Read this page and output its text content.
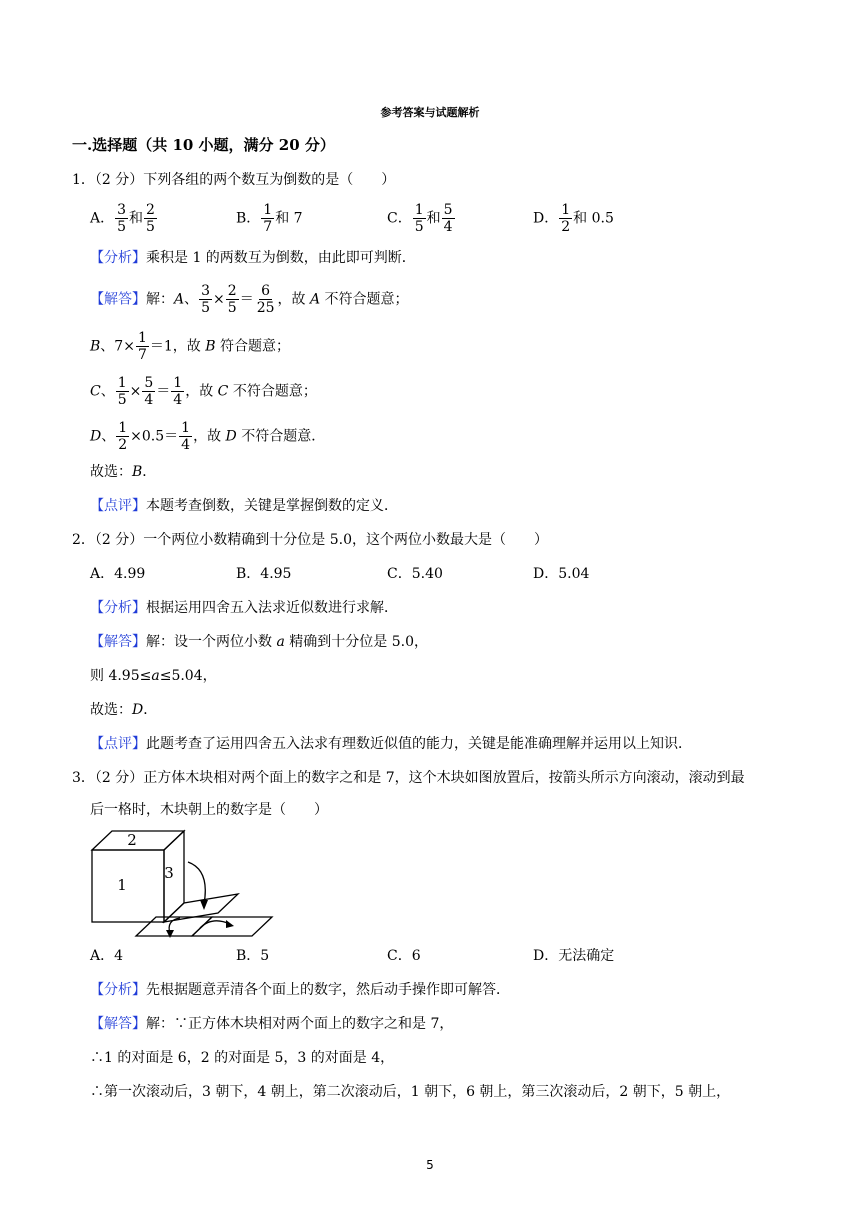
参考答案与试题解析
一.选择题（共 10 小题，满分 20 分）
1．（2 分）下列各组的两个数互为倒数的是（　　）
A． $\frac{3}{5}$ 和 $\frac{2}{5}$	B． $\frac{1}{7}$ 和 7	C． $\frac{1}{5}$ 和 $\frac{5}{4}$	D． $\frac{1}{2}$ 和 0.5
【分析】乘积是 1 的两数互为倒数，由此即可判断．
【解答】解：A、 $\frac{3}{5} \times \frac{2}{5} = \frac{6}{25}$ ，故 A 不符合题意；
B、$7\times \frac{1}{7} =1$，故 B 符合题意；
C、 $\frac{1}{5} \times \frac{5}{4} = \frac{1}{4}$ ，故 C 不符合题意；
D、 $\frac{1}{2} \times 0.5= \frac{1}{4}$ ，故 D 不符合题意．
故选：B．
【点评】本题考查倒数，关键是掌握倒数的定义．
2．（2 分）一个两位小数精确到十分位是 5.0，这个两位小数最大是（　　）
A．4.99	B．4.95	C．5.40	D．5.04
【分析】根据运用四舍五入法求近似数进行求解．
【解答】解：设一个两位小数 a 精确到十分位是 5.0，
则 4.95≤a≤5.04，
故选：D．
【点评】此题考查了运用四舍五入法求有理数近似值的能力，关键是能准确理解并运用以上知识．
3．（2 分）正方体木块相对两个面上的数字之和是 7，这个木块如图放置后，按箭头所示方向滚动，滚动到最
后一格时，木块朝上的数字是（　　）
2
1
3
A．4	B．5	C．6	D．无法确定
【分析】先根据题意弄清各个面上的数字，然后动手操作即可解答．
【解答】解：∵正方体木块相对两个面上的数字之和是 7，
∴1 的对面是 6，2 的对面是 5，3 的对面是 4，
∴第一次滚动后，3 朝下，4 朝上，第二次滚动后，1 朝下，6 朝上，第三次滚动后，2 朝下，5 朝上，
5
